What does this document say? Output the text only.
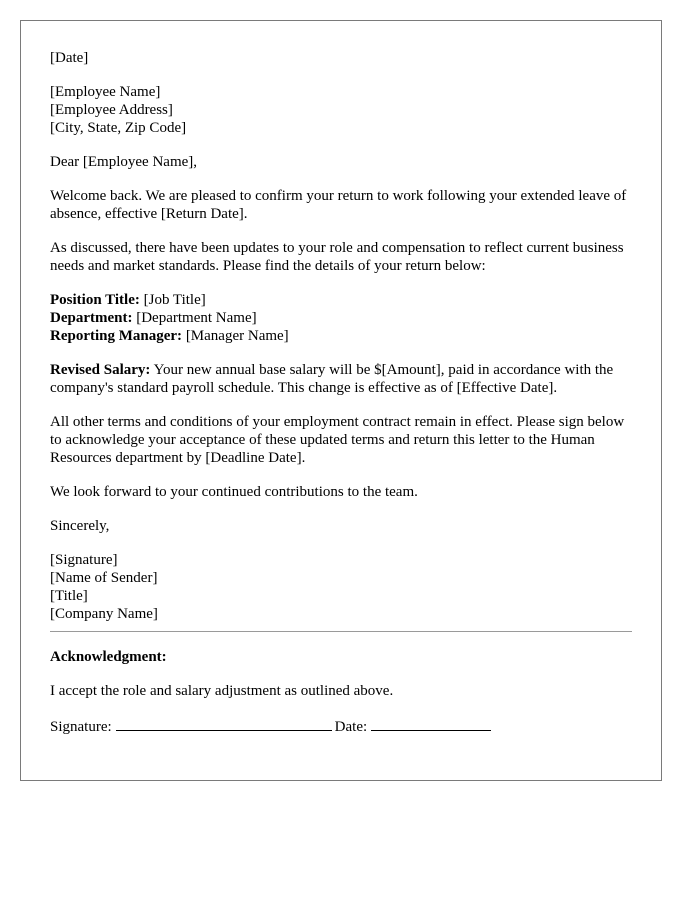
[Date]

[Employee Name]
[Employee Address]
[City, State, Zip Code]

Dear [Employee Name],

Welcome back. We are pleased to confirm your return to work following your extended leave of absence, effective [Return Date].

As discussed, there have been updates to your role and compensation to reflect current business needs and market standards. Please find the details of your return below:

Position Title: [Job Title]
Department: [Department Name]
Reporting Manager: [Manager Name]

Revised Salary: Your new annual base salary will be $[Amount], paid in accordance with the company's standard payroll schedule. This change is effective as of [Effective Date].

All other terms and conditions of your employment contract remain in effect. Please sign below to acknowledge your acceptance of these updated terms and return this letter to the Human Resources department by [Deadline Date].

We look forward to your continued contributions to the team.

Sincerely,

[Signature]
[Name of Sender]
[Title]
[Company Name]

Acknowledgment:

I accept the role and salary adjustment as outlined above.

Signature:	Date:
